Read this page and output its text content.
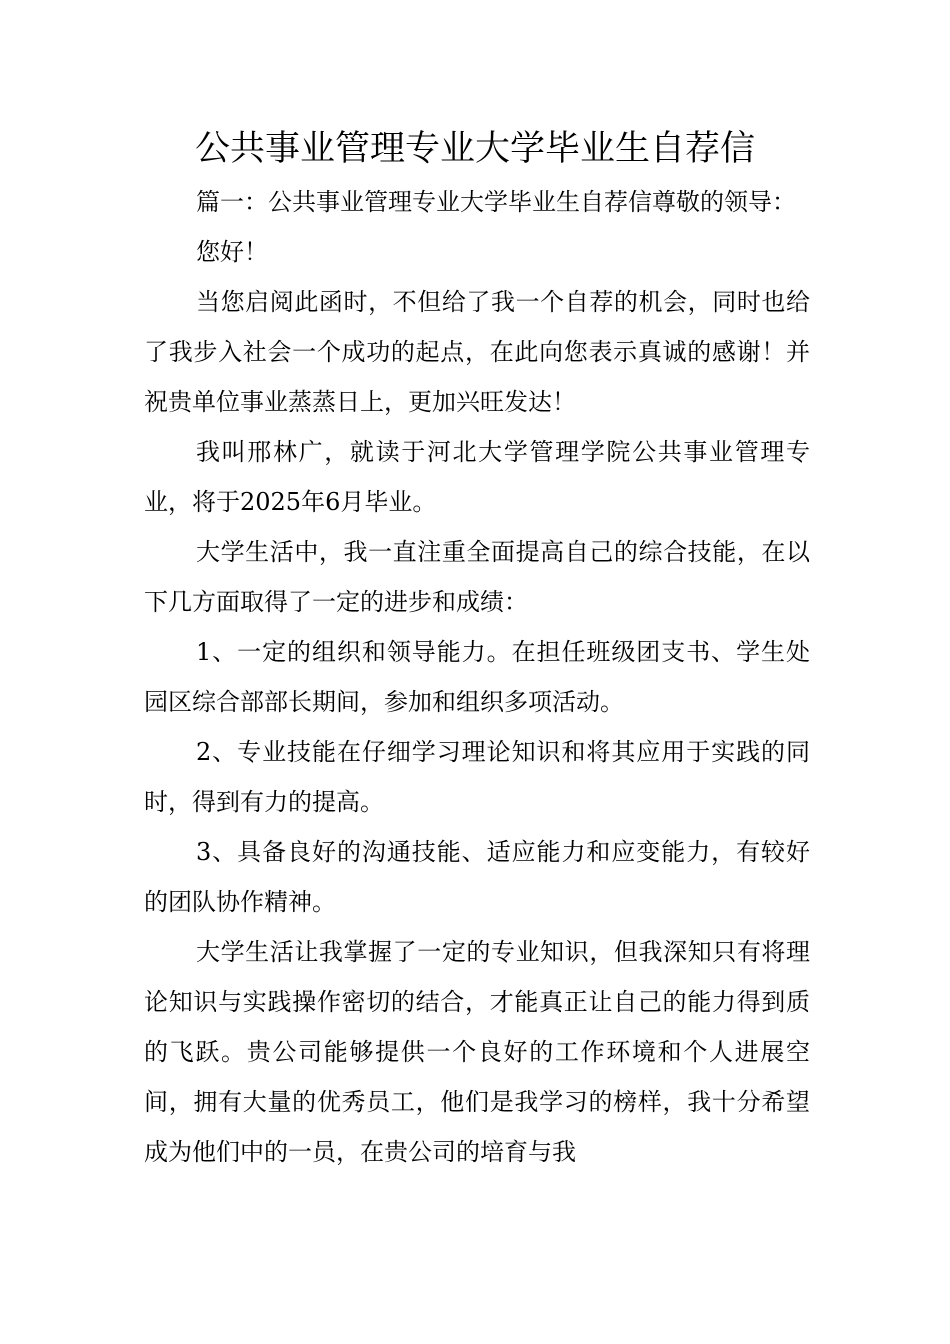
公共事业管理专业大学毕业生自荐信

篇一：公共事业管理专业大学毕业生自荐信尊敬的领导：

您好！

当您启阅此函时，不但给了我一个自荐的机会，同时也给了我步入社会一个成功的起点，在此向您表示真诚的感谢！并祝贵单位事业蒸蒸日上，更加兴旺发达！

我叫邢林广，就读于河北大学管理学院公共事业管理专业，将于2025年6月毕业。

大学生活中，我一直注重全面提高自己的综合技能，在以下几方面取得了一定的进步和成绩：

1、一定的组织和领导能力。在担任班级团支书、学生处园区综合部部长期间，参加和组织多项活动。

2、专业技能在仔细学习理论知识和将其应用于实践的同时，得到有力的提高。

3、具备良好的沟通技能、适应能力和应变能力，有较好的团队协作精神。

大学生活让我掌握了一定的专业知识，但我深知只有将理论知识与实践操作密切的结合，才能真正让自己的能力得到质的飞跃。贵公司能够提供一个良好的工作环境和个人进展空间，拥有大量的优秀员工，他们是我学习的榜样，我十分希望成为他们中的一员，在贵公司的培育与我
